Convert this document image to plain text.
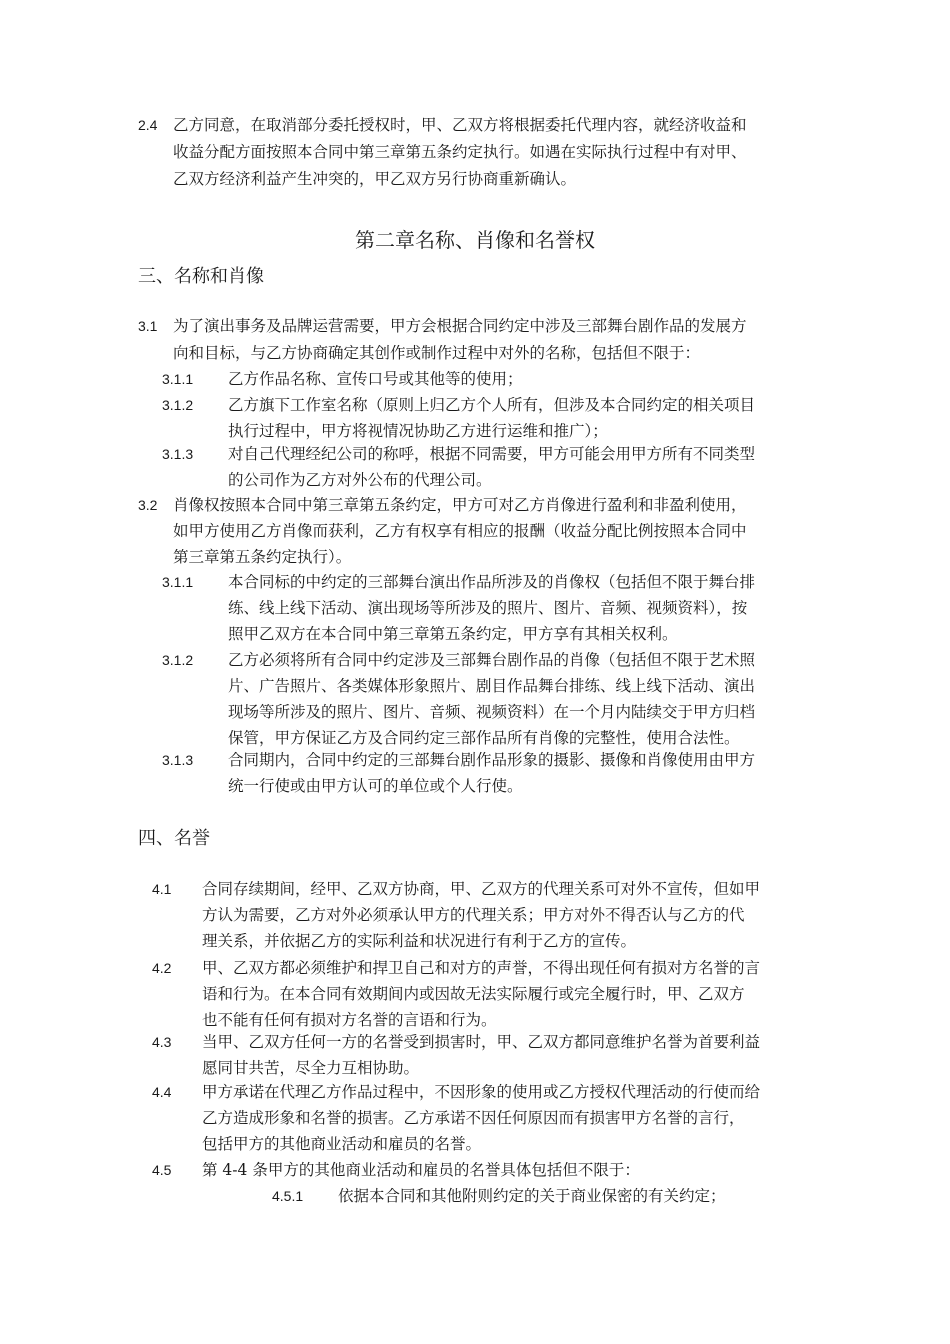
2.4 乙方同意，在取消部分委托授权时，甲、乙双方将根据委托代理内容，就经济收益和
收益分配方面按照本合同中第三章第五条约定执行。如遇在实际执行过程中有对甲、
乙双方经济利益产生冲突的，甲乙双方另行协商重新确认。
第二章名称、肖像和名誉权
三、名称和肖像
3.1 为了演出事务及品牌运营需要，甲方会根据合同约定中涉及三部舞台剧作品的发展方
向和目标，与乙方协商确定其创作或制作过程中对外的名称，包括但不限于：
3.1.1 乙方作品名称、宣传口号或其他等的使用；
3.1.2 乙方旗下工作室名称（原则上归乙方个人所有，但涉及本合同约定的相关项目
执行过程中，甲方将视情况协助乙方进行运维和推广）；
3.1.3 对自己代理经纪公司的称呼，根据不同需要，甲方可能会用甲方所有不同类型
的公司作为乙方对外公布的代理公司。
3.2 肖像权按照本合同中第三章第五条约定，甲方可对乙方肖像进行盈利和非盈利使用，
如甲方使用乙方肖像而获利，乙方有权享有相应的报酬（收益分配比例按照本合同中
第三章第五条约定执行）。
3.1.1 本合同标的中约定的三部舞台演出作品所涉及的肖像权（包括但不限于舞台排
练、线上线下活动、演出现场等所涉及的照片、图片、音频、视频资料），按
照甲乙双方在本合同中第三章第五条约定，甲方享有其相关权利。
3.1.2 乙方必须将所有合同中约定涉及三部舞台剧作品的肖像（包括但不限于艺术照
片、广告照片、各类媒体形象照片、剧目作品舞台排练、线上线下活动、演出
现场等所涉及的照片、图片、音频、视频资料）在一个月内陆续交于甲方归档
保管，甲方保证乙方及合同约定三部作品所有肖像的完整性，使用合法性。
3.1.3 合同期内，合同中约定的三部舞台剧作品形象的摄影、摄像和肖像使用由甲方
统一行使或由甲方认可的单位或个人行使。
四、名誉
4.1 合同存续期间，经甲、乙双方协商，甲、乙双方的代理关系可对外不宣传，但如甲
方认为需要，乙方对外必须承认甲方的代理关系；甲方对外不得否认与乙方的代
理关系，并依据乙方的实际利益和状况进行有利于乙方的宣传。
4.2 甲、乙双方都必须维护和捍卫自己和对方的声誉，不得出现任何有损对方名誉的言
语和行为。在本合同有效期间内或因故无法实际履行或完全履行时，甲、乙双方
也不能有任何有损对方名誉的言语和行为。
4.3 当甲、乙双方任何一方的名誉受到损害时，甲、乙双方都同意维护名誉为首要利益
愿同甘共苦，尽全力互相协助。
4.4 甲方承诺在代理乙方作品过程中，不因形象的使用或乙方授权代理活动的行使而给
乙方造成形象和名誉的损害。乙方承诺不因任何原因而有损害甲方名誉的言行，
包括甲方的其他商业活动和雇员的名誉。
4.5 第 4-4 条甲方的其他商业活动和雇员的名誉具体包括但不限于：
4.5.1 依据本合同和其他附则约定的关于商业保密的有关约定；
